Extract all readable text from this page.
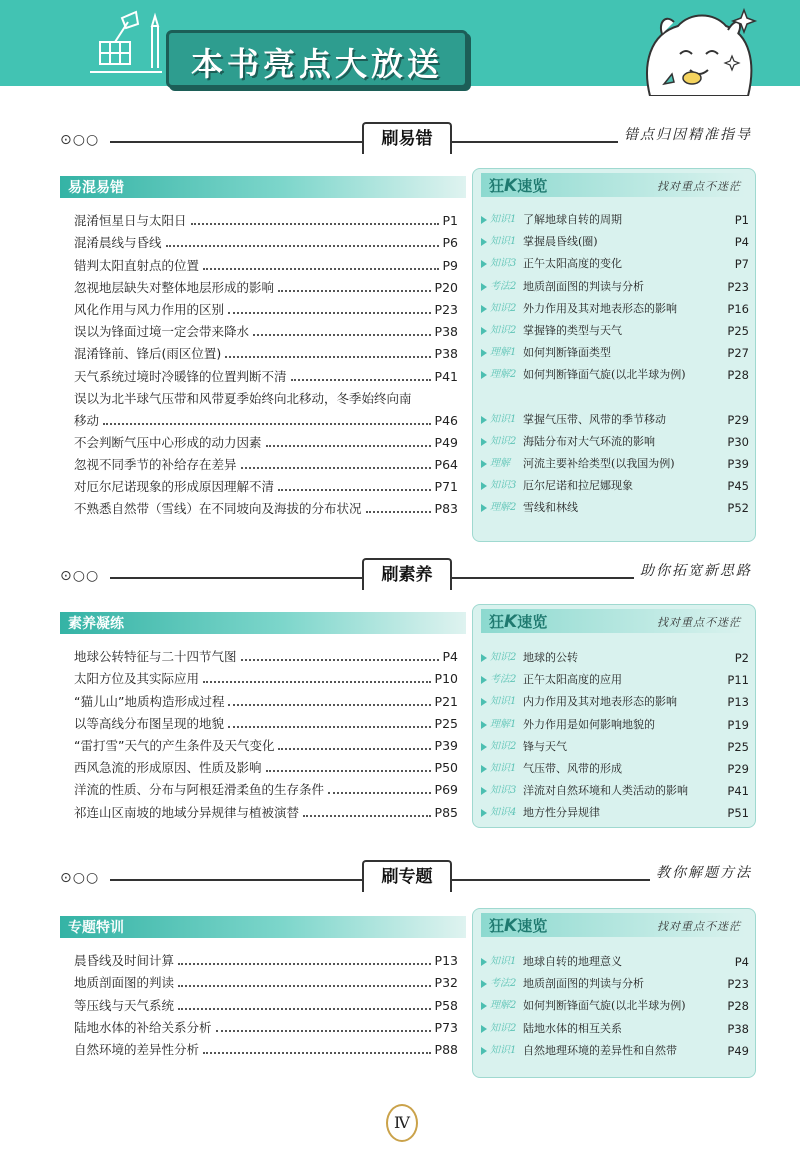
本书亮点大放送
⊙○○	刷易错	错点归因精准指导
易混易错
混淆恒星日与太阳日	P1
混淆晨线与昏线	P6
错判太阳直射点的位置	P9
忽视地层缺失对整体地层形成的影响	P20
风化作用与风力作用的区别	P23
误以为锋面过境一定会带来降水	P38
混淆锋前、锋后(雨区位置)	P38
天气系统过境时冷暖锋的位置判断不清	P41
误以为北半球气压带和风带夏季始终向北移动，冬季始终向南
移动	P46
不会判断气压中心形成的动力因素	P49
忽视不同季节的补给存在差异	P64
对厄尔尼诺现象的形成原因理解不清	P71
不熟悉自然带（雪线）在不同坡向及海拔的分布状况	P83
狂K速览	找对重点不迷茫
知识1 了解地球自转的周期	P1
知识1 掌握晨昏线(圈)	P4
知识3 正午太阳高度的变化	P7
考法2 地质剖面图的判读与分析	P23
知识2 外力作用及其对地表形态的影响	P16
知识2 掌握锋的类型与天气	P25
理解1 如何判断锋面类型	P27
理解2 如何判断锋面气旋(以北半球为例)	P28
知识1 掌握气压带、风带的季节移动	P29
知识2 海陆分布对大气环流的影响	P30
理解 河流主要补给类型(以我国为例)	P39
知识3 厄尔尼诺和拉尼娜现象	P45
理解2 雪线和林线	P52
⊙○○	刷素养	助你拓宽新思路
素养凝练
地球公转特征与二十四节气图	P4
太阳方位及其实际应用	P10
“猫儿山”地质构造形成过程	P21
以等高线分布图呈现的地貌	P25
“雷打雪”天气的产生条件及天气变化	P39
西风急流的形成原因、性质及影响	P50
洋流的性质、分布与阿根廷滑柔鱼的生存条件	P69
祁连山区南坡的地域分异规律与植被演替	P85
狂K速览	找对重点不迷茫
知识2 地球的公转	P2
考法2 正午太阳高度的应用	P11
知识1 内力作用及其对地表形态的影响	P13
理解1 外力作用是如何影响地貌的	P19
知识2 锋与天气	P25
知识1 气压带、风带的形成	P29
知识3 洋流对自然环境和人类活动的影响	P41
知识4 地方性分异规律	P51
⊙○○	刷专题	教你解题方法
专题特训
晨昏线及时间计算	P13
地质剖面图的判读	P32
等压线与天气系统	P58
陆地水体的补给关系分析	P73
自然环境的差异性分析	P88
狂K速览	找对重点不迷茫
知识1 地球自转的地理意义	P4
考法2 地质剖面图的判读与分析	P23
理解2 如何判断锋面气旋(以北半球为例)	P28
知识2 陆地水体的相互关系	P38
知识1 自然地理环境的差异性和自然带	P49
Ⅳ
